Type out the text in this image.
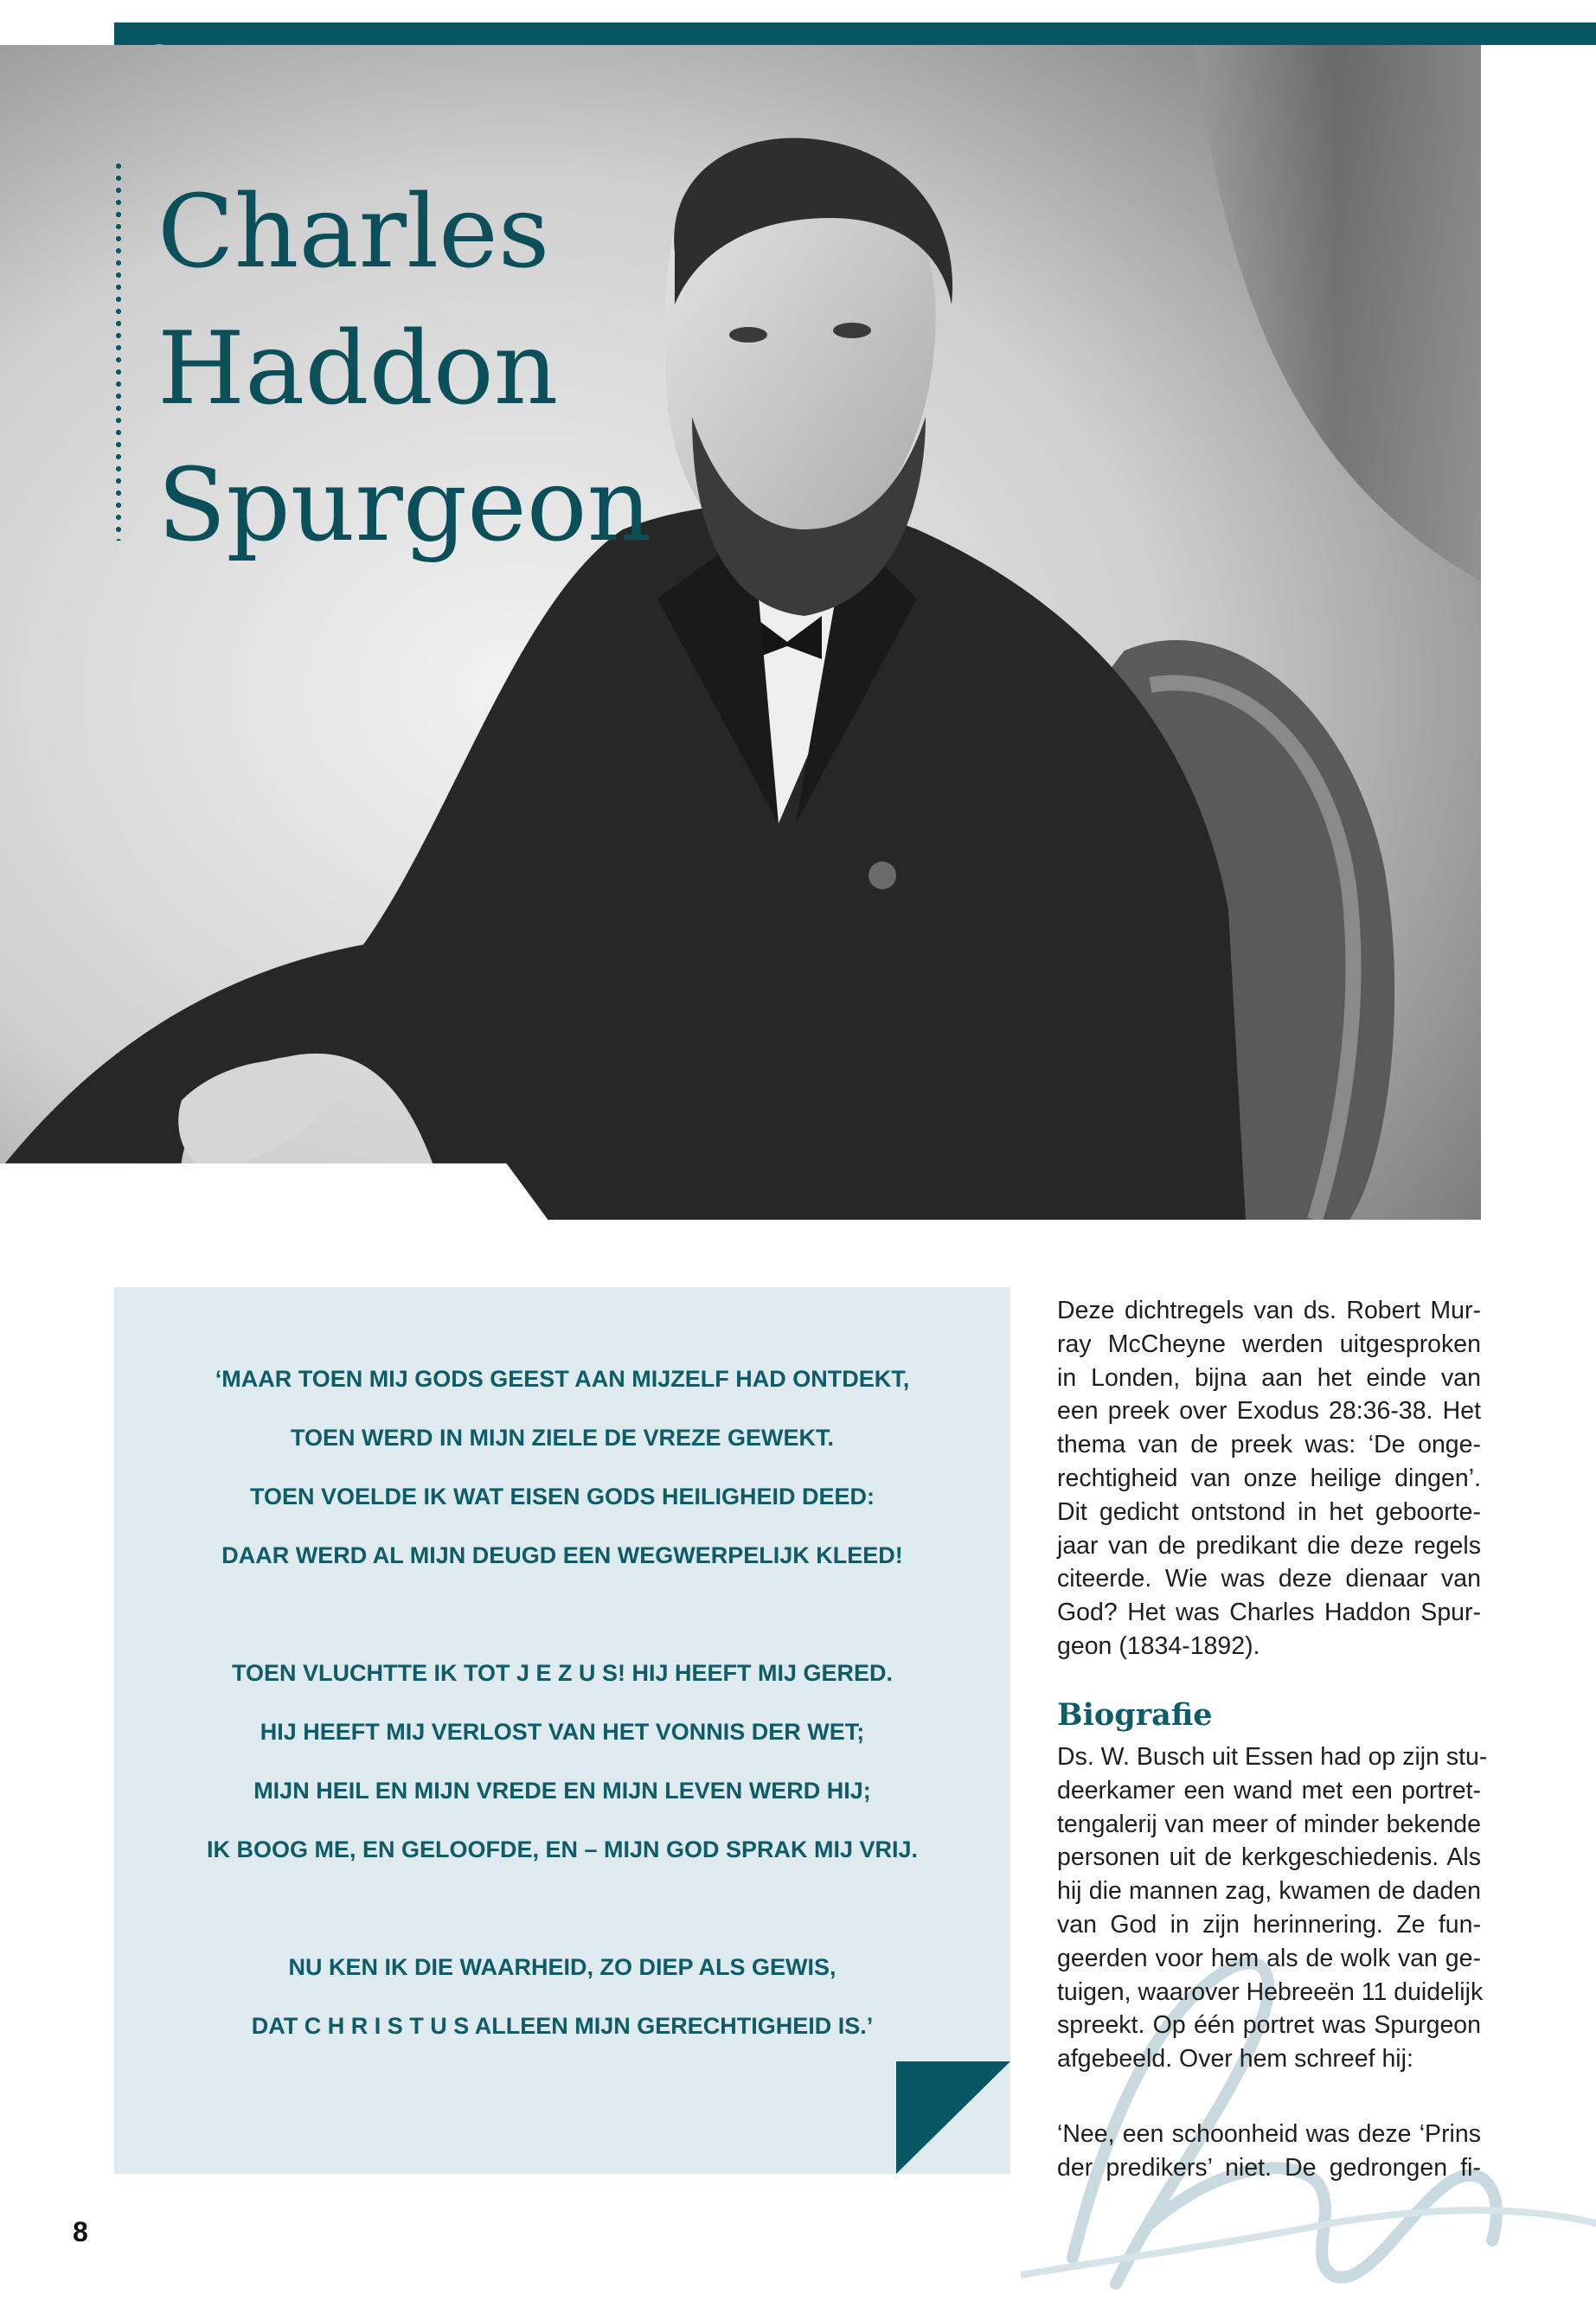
Charles
Haddon
Spurgeon
‘MAAR TOEN MIJ GODS GEEST AAN MIJZELF HAD ONTDEKT,
TOEN WERD IN MIJN ZIELE DE VREZE GEWEKT.
TOEN VOELDE IK WAT EISEN GODS HEILIGHEID DEED:
DAAR WERD AL MIJN DEUGD EEN WEGWERPELIJK KLEED!
TOEN VLUCHTTE IK TOT J E Z U S! HIJ HEEFT MIJ GERED.
HIJ HEEFT MIJ VERLOST VAN HET VONNIS DER WET;
MIJN HEIL EN MIJN VREDE EN MIJN LEVEN WERD HIJ;
IK BOOG ME, EN GELOOFDE, EN – MIJN GOD SPRAK MIJ VRIJ.
NU KEN IK DIE WAARHEID, ZO DIEP ALS GEWIS,
DAT C H R I S T U S ALLEEN MIJN GERECHTIGHEID IS.’
Deze dichtregels van ds. Robert Mur-
ray McCheyne werden uitgesproken
in Londen, bijna aan het einde van
een preek over Exodus 28:36-38. Het
thema van de preek was: ‘De onge-
rechtigheid van onze heilige dingen’.
Dit gedicht ontstond in het geboorte-
jaar van de predikant die deze regels
citeerde. Wie was deze dienaar van
God? Het was Charles Haddon Spur-
geon (1834-1892).
Biografie
Ds. W. Busch uit Essen had op zijn stu-
deerkamer een wand met een portret-
tengalerij van meer of minder bekende
personen uit de kerkgeschiedenis. Als
hij die mannen zag, kwamen de daden
van God in zijn herinnering. Ze fun-
geerden voor hem als de wolk van ge-
tuigen, waarover Hebreeën 11 duidelijk
spreekt. Op één portret was Spurgeon
afgebeeld. Over hem schreef hij:
‘Nee, een schoonheid was deze ‘Prins
der predikers’ niet. De gedrongen fi-
8
